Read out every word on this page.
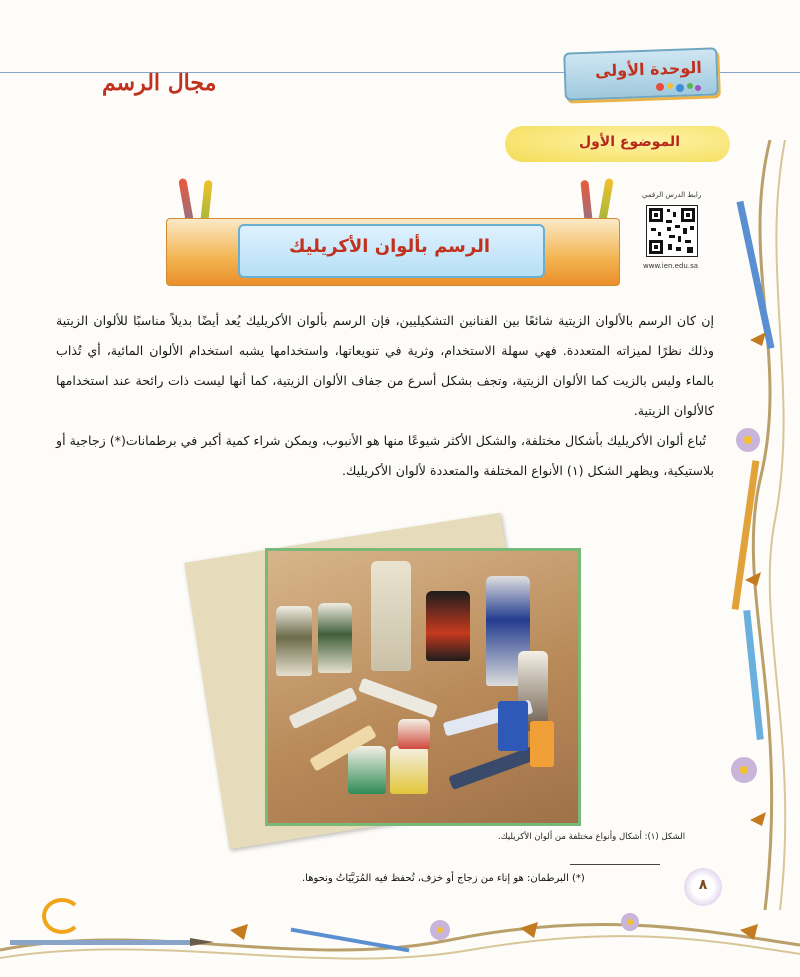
الوحدة الأولى
مجال الرسم
الموضوع الأول
رابط الدرس الرقمي
www.ien.edu.sa
الرسم بألوان الأكريليك

إن كان الرسم بالألوان الزيتية شائعًا بين الفنانين التشكيليين، فإن الرسم بألوان الأكريليك يُعد أيضًا بديلاً مناسبًا للألوان الزيتية وذلك نظرًا لميزاته المتعددة. فهي سهلة الاستخدام، وثرية في تنويعاتها، واستخدامها يشبه استخدام الألوان المائية، أي تُذاب بالماء وليس بالزيت كما الألوان الزيتية، وتجف بشكل أسرع من جفاف الألوان الزيتية، كما أنها ليست ذات رائحة عند استخدامها كالألوان الزيتية.

تُباع ألوان الأكريليك بأشكال مختلفة، والشكل الأكثر شيوعًا منها هو الأنبوب، ويمكن شراء كمية أكبر في برطمانات(*) زجاجية أو بلاستيكية، ويظهر الشكل (١) الأنواع المختلفة والمتعددة لألوان الأكريليك.

الشكل (١): أشكال وأنواع مختلفة من ألوان الأكريليك.
(*) البرطمان: هو إناء من زجاج أو خزف، تُحفظ فيه المُرَبَّيَاتُ ونحوها.	٨
